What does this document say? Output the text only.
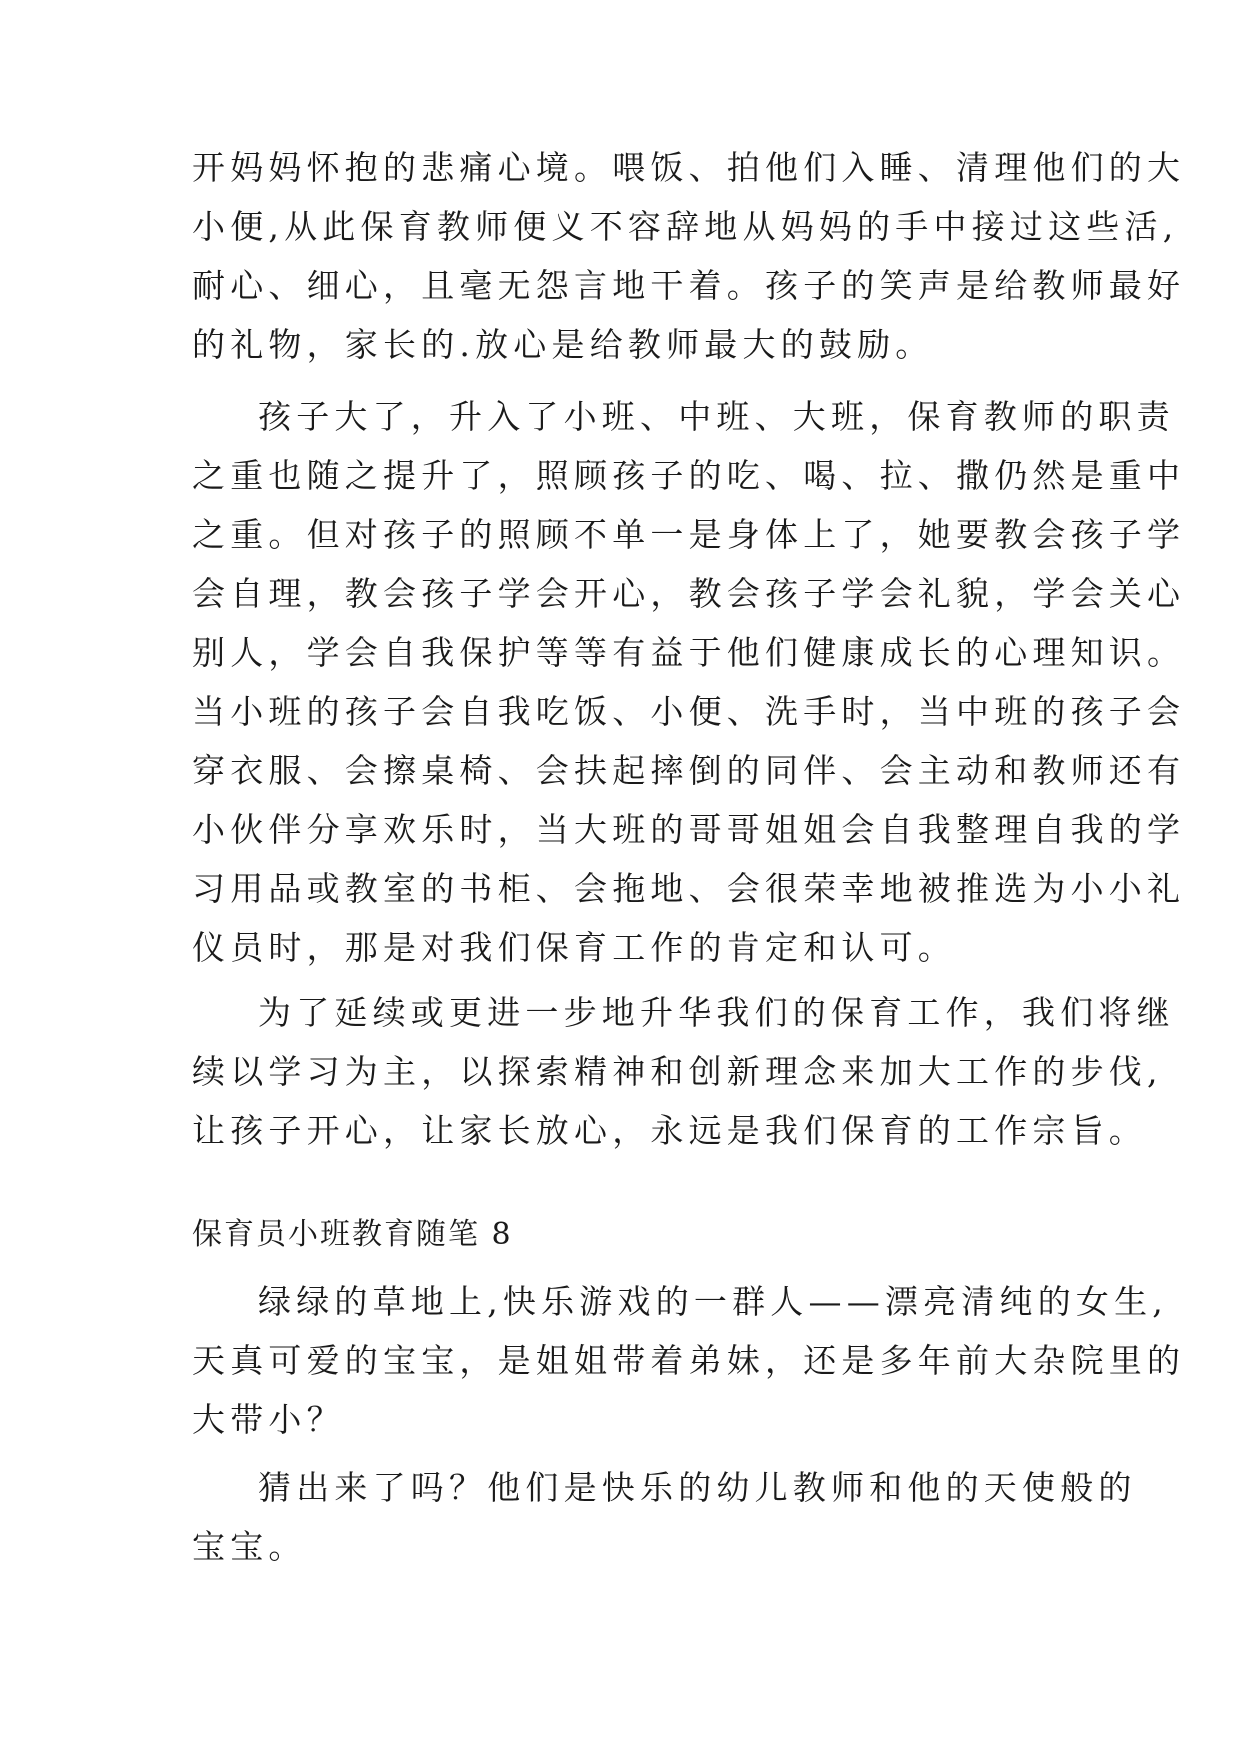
开妈妈怀抱的悲痛心境。喂饭、拍他们入睡、清理他们的大
小便,从此保育教师便义不容辞地从妈妈的手中接过这些活,
耐心、细心，且毫无怨言地干着。孩子的笑声是给教师最好
的礼物，家长的.放心是给教师最大的鼓励。
孩子大了，升入了小班、中班、大班，保育教师的职责
之重也随之提升了，照顾孩子的吃、喝、拉、撒仍然是重中
之重。但对孩子的照顾不单一是身体上了，她要教会孩子学
会自理，教会孩子学会开心，教会孩子学会礼貌，学会关心
别人，学会自我保护等等有益于他们健康成长的心理知识。
当小班的孩子会自我吃饭、小便、洗手时，当中班的孩子会
穿衣服、会擦桌椅、会扶起摔倒的同伴、会主动和教师还有
小伙伴分享欢乐时，当大班的哥哥姐姐会自我整理自我的学
习用品或教室的书柜、会拖地、会很荣幸地被推选为小小礼
仪员时，那是对我们保育工作的肯定和认可。
为了延续或更进一步地升华我们的保育工作，我们将继
续以学习为主，以探索精神和创新理念来加大工作的步伐,
让孩子开心，让家长放心，永远是我们保育的工作宗旨。
保育员小班教育随笔 8
绿绿的草地上,快乐游戏的一群人——漂亮清纯的女生,
天真可爱的宝宝，是姐姐带着弟妹，还是多年前大杂院里的
大带小？
猜出来了吗？他们是快乐的幼儿教师和他的天使般的
宝宝。
